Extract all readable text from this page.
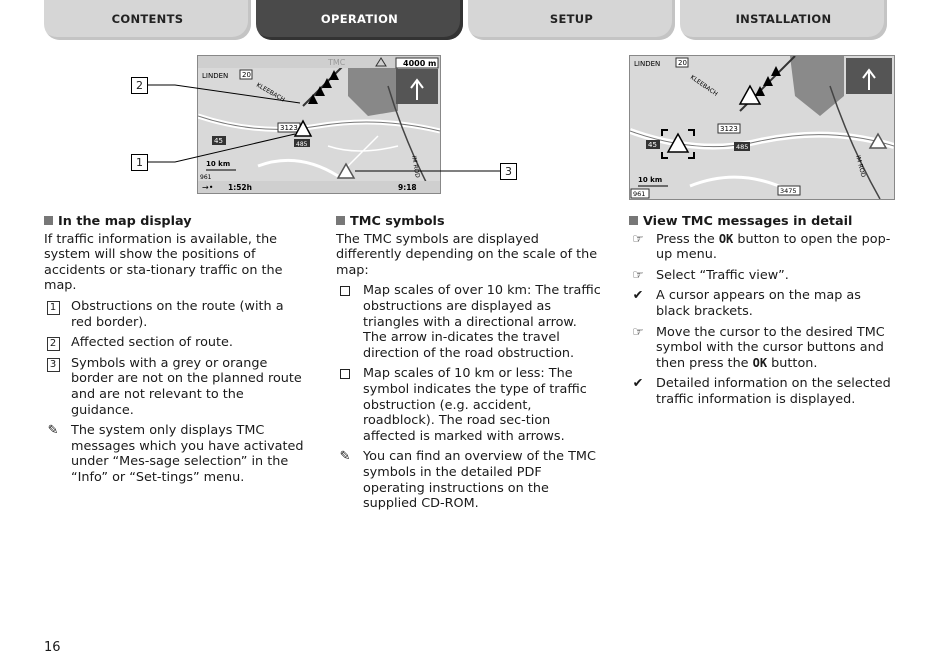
CONTENTS	OPERATION	SETUP	INSTALLATION
TMC	4000 m
LINDEN 20
KLEEBACH
3123
45	485
IM ROD
10 km
961
→• 1:52h	9:18
2
1
3
LINDEN	20
KLEEBACH
3123
45	485
IM ROD
10 km
961	3475
In the map display

If traffic information is available, the system will show the positions of accidents or sta-tionary traffic on the map.

1	Obstructions on the route (with a red border).
2	Affected section of route.
3	Symbols with a grey or orange border are not on the planned route and are not relevant to the guidance.
✎ The system only displays TMC messages which you have activated under “Mes-sage selection” in the “Info” or “Set-tings” menu.
TMC symbols

The TMC symbols are displayed differently depending on the scale of the map:

Map scales of over 10 km: The traffic obstructions are displayed as triangles with a directional arrow. The arrow in-dicates the travel direction of the road obstruction.
Map scales of 10 km or less: The symbol indicates the type of traffic obstruction (e.g. accident, roadblock). The road sec-tion affected is marked with arrows.
✎ You can find an overview of the TMC symbols in the detailed PDF operating instructions on the supplied CD-ROM.
View TMC messages in detail
☞ Press the OK button to open the pop-up menu.
☞ Select “Traffic view”.
✔ A cursor appears on the map as black brackets.
☞ Move the cursor to the desired TMC symbol with the cursor buttons and then press the OK button.
✔ Detailed information on the selected traffic information is displayed.
16
